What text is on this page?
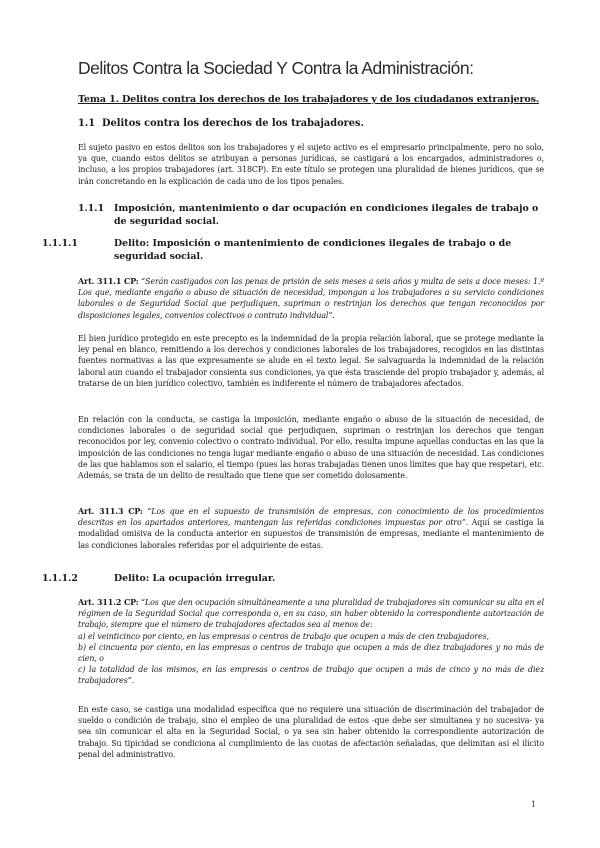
Delitos Contra la Sociedad Y Contra la Administración:

Tema 1. Delitos contra los derechos de los trabajadores y de los ciudadanos extranjeros.

1.1 Delitos contra los derechos de los trabajadores.

El sujeto pasivo en estos delitos son los trabajadores y el sujeto activo es el empresario principalmente, pero no solo, ya que, cuando estos delitos se atribuyan a personas jurídicas, se castigará a los encargados, administradores o, incluso, a los propios trabajadores (art. 318CP). En este título se protegen una pluralidad de bienes jurídicos, que se irán concretando en la explicación de cada uno de los tipos penales.

1.1.1 Imposición, mantenimiento o dar ocupación en condiciones ilegales de trabajo o de seguridad social.

1.1.1.1	Delito: Imposición o mantenimiento de condiciones ilegales de trabajo o de seguridad social.

Art. 311.1 CP: “Serán castigados con las penas de prisión de seis meses a seis años y multa de seis a doce meses: 1.º Los que, mediante engaño o abuso de situación de necesidad, impongan a los trabajadores a su servicio condiciones laborales o de Seguridad Social que perjudiquen, supriman o restrinjan los derechos que tengan reconocidos por disposiciones legales, convenios colectivos o contrato individual”.

El bien jurídico protegido en este precepto es la indemnidad de la propia relación laboral, que se protege mediante la ley penal en blanco, remitiendo a los derechos y condiciones laborales de los trabajadores, recogidos en las distintas fuentes normativas a las que expresamente se alude en el texto legal. Se salvaguarda la indemnidad de la relación laboral aun cuando el trabajador consienta sus condiciones, ya que ésta trasciende del propio trabajador y, además, al tratarse de un bien jurídico colectivo, también es indiferente el número de trabajadores afectados.

En relación con la conducta, se castiga la imposición, mediante engaño o abuso de la situación de necesidad, de condiciones laborales o de seguridad social que perjudiquen, supriman o restrinjan los derechos que tengan reconocidos por ley, convenio colectivo o contrato individual. Por ello, resulta impune aquellas conductas en las que la imposición de las condiciones no tenga lugar mediante engaño o abuso de una situación de necesidad. Las condiciones de las que hablamos son el salario, el tiempo (pues las horas trabajadas tienen unos límites que hay que respetar), etc. Además, se trata de un delito de resultado que tiene que ser cometido dolosamente.

Art. 311.3 CP: “Los que en el supuesto de transmisión de empresas, con conocimiento de los procedimientos descritos en los apartados anteriores, mantengan las referidas condiciones impuestas por otro”. Aquí se castiga la modalidad omisiva de la conducta anterior en supuestos de transmisión de empresas, mediante el mantenimiento de las condiciones laborales referidas por el adquiriente de estas.

1.1.1.2	Delito: La ocupación irregular.

Art. 311.2 CP: “Los que den ocupación simultáneamente a una pluralidad de trabajadores sin comunicar su alta en el régimen de la Seguridad Social que corresponda o, en su caso, sin haber obtenido la correspondiente autorización de trabajo, siempre que el número de trabajadores afectados sea al menos de:

a) el veinticinco por ciento, en las empresas o centros de trabajo que ocupen a más de cien trabajadores,

b) el cincuenta por ciento, en las empresas o centros de trabajo que ocupen a más de diez trabajadores y no más de cien, o

c) la totalidad de los mismos, en las empresas o centros de trabajo que ocupen a más de cinco y no más de diez trabajadores”.

En este caso, se castiga una modalidad específica que no requiere una situación de discriminación del trabajador de sueldo o condición de trabajo, sino el empleo de una pluralidad de estos -que debe ser simultanea y no sucesiva- ya sea sin comunicar el alta en la Seguridad Social, o ya sea sin haber obtenido la correspondiente autorización de trabajo. Su tipicidad se condiciona al cumplimiento de las cuotas de afectación señaladas, que delimitan así el ilícito penal del administrativo.

1
